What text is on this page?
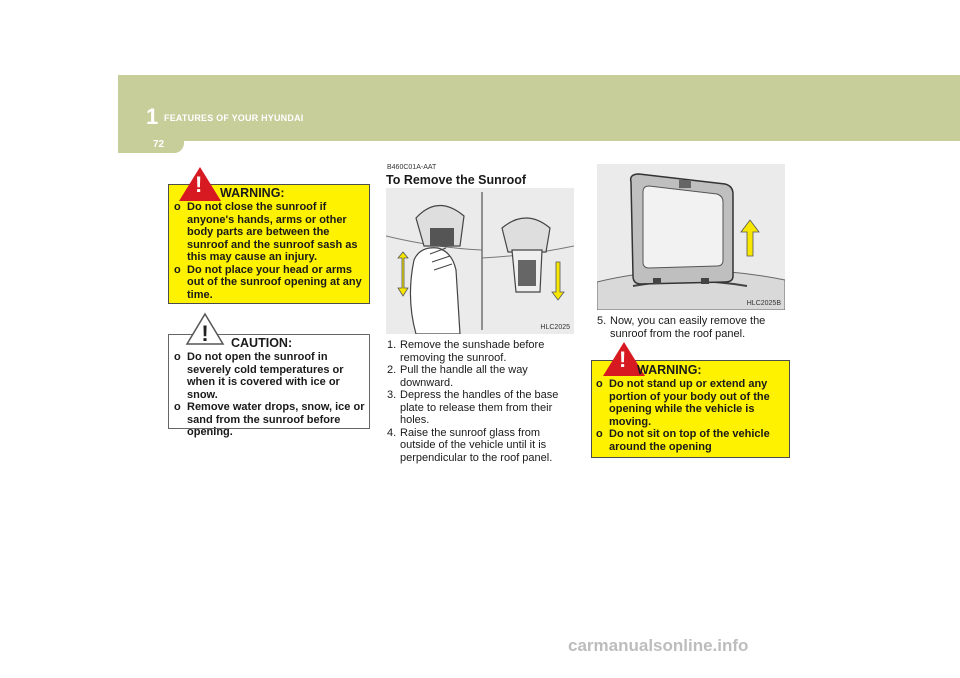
1 FEATURES OF YOUR HYUNDAI
72
! WARNING:
o Do not close the sunroof if anyone's hands, arms or other body parts are between the sunroof and the sunroof sash as this may cause an injury.
o Do not place your head or arms out of the sunroof opening at any time.
! CAUTION:
o Do not open the sunroof in severely cold temperatures or when it is covered with ice or snow.
o Remove water drops, snow, ice or sand from the sunroof before opening.
B460C01A-AAT
To Remove the Sunroof
HLC2025
1. Remove the sunshade before removing the sunroof.
2. Pull the handle all the way downward.
3. Depress the handles of the base plate to release them from their holes.
4. Raise the sunroof glass from outside of the vehicle until it is perpendicular to the roof panel.
HLC2025B
5. Now, you can easily remove the sunroof from the roof panel.
! WARNING:
o Do not stand up or extend any portion of your body out of the opening while the vehicle is moving.
o Do not sit on top of the vehicle around the opening
carmanualsonline.info
